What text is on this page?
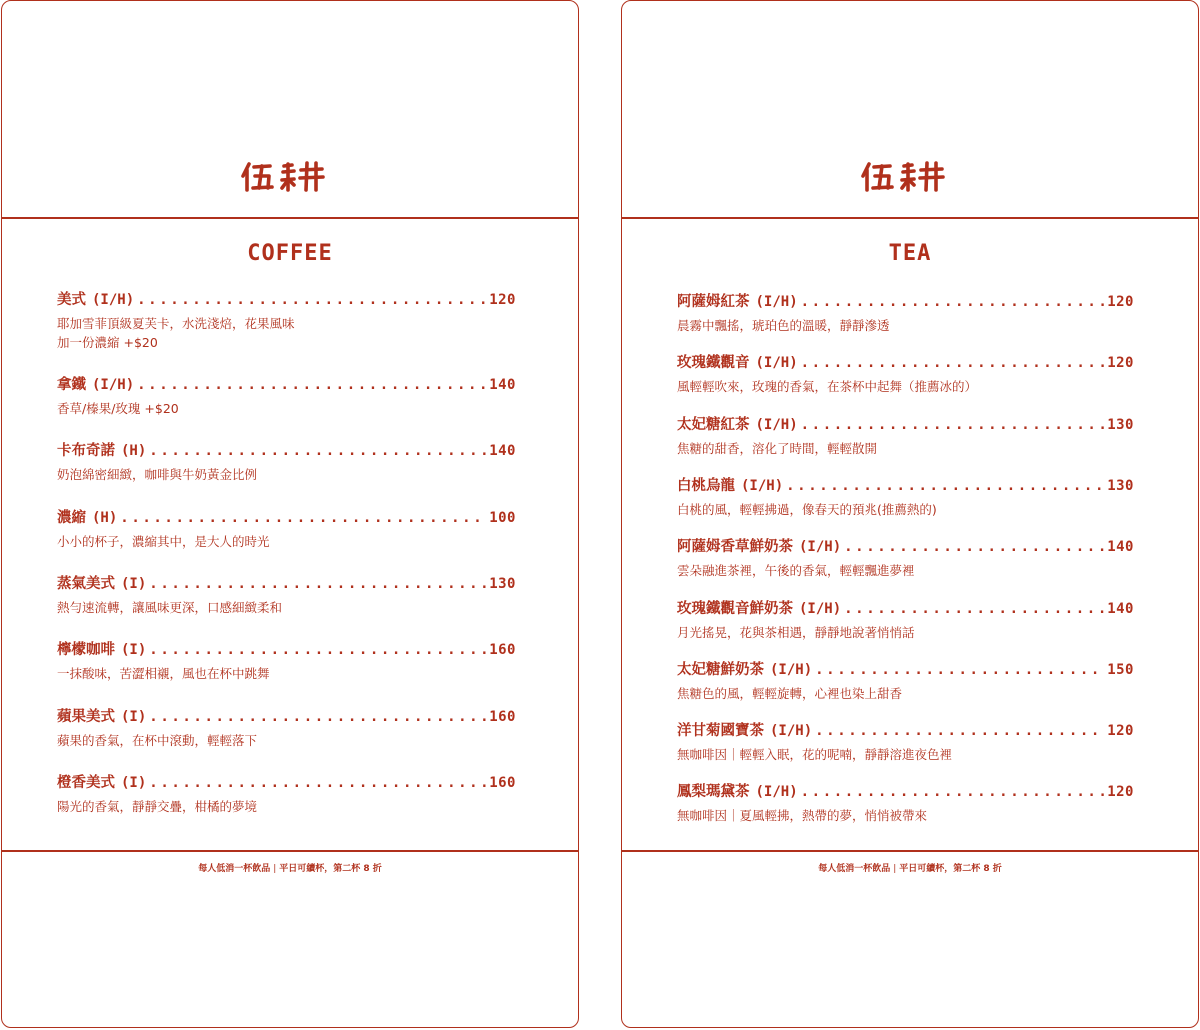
COFFEE
美式 (I/H) .....	120
耶加雪菲頂級夏芙卡，水洗淺焙，花果風味
加一份濃縮 +$20
拿鐵 (I/H) .....	140
香草/榛果/玫瑰 +$20
卡布奇諾 (H) .....	140
奶泡綿密細緻，咖啡與牛奶黃金比例
濃縮 (H) .....	100
小小的杯子，濃縮其中，是大人的時光
蒸氣美式 (I) .....	130
熱勻速流轉，讓風味更深，口感細緻柔和
檸檬咖啡 (I) .....	160
一抹酸味，苦澀相襯，風也在杯中跳舞
蘋果美式 (I) .....	160
蘋果的香氣，在杯中滾動，輕輕落下
橙香美式 (I) .....	160
陽光的香氣，靜靜交疊，柑橘的夢境
每人低消一杯飲品 | 平日可續杯，第二杯 8 折
TEA
阿薩姆紅茶 (I/H) .....	120
晨霧中飄搖，琥珀色的溫暖，靜靜滲透
玫瑰鐵觀音 (I/H) .....	120
風輕輕吹來，玫瑰的香氣，在茶杯中起舞（推薦冰的）
太妃糖紅茶 (I/H) .....	130
焦糖的甜香，溶化了時間，輕輕散開
白桃烏龍 (I/H) .....	130
白桃的風，輕輕拂過，像春天的預兆(推薦熱的)
阿薩姆香草鮮奶茶 (I/H) .....	140
雲朵融進茶裡，午後的香氣，輕輕飄進夢裡
玫瑰鐵觀音鮮奶茶 (I/H) .....	140
月光搖晃，花與茶相遇，靜靜地說著悄悄話
太妃糖鮮奶茶 (I/H) .....	150
焦糖色的風，輕輕旋轉，心裡也染上甜香
洋甘菊國寶茶 (I/H) .....	120
無咖啡因｜輕輕入眠，花的呢喃，靜靜溶進夜色裡
鳳梨瑪黛茶 (I/H) .....	120
無咖啡因｜夏風輕拂，熱帶的夢，悄悄被帶來
每人低消一杯飲品 | 平日可續杯，第二杯 8 折
